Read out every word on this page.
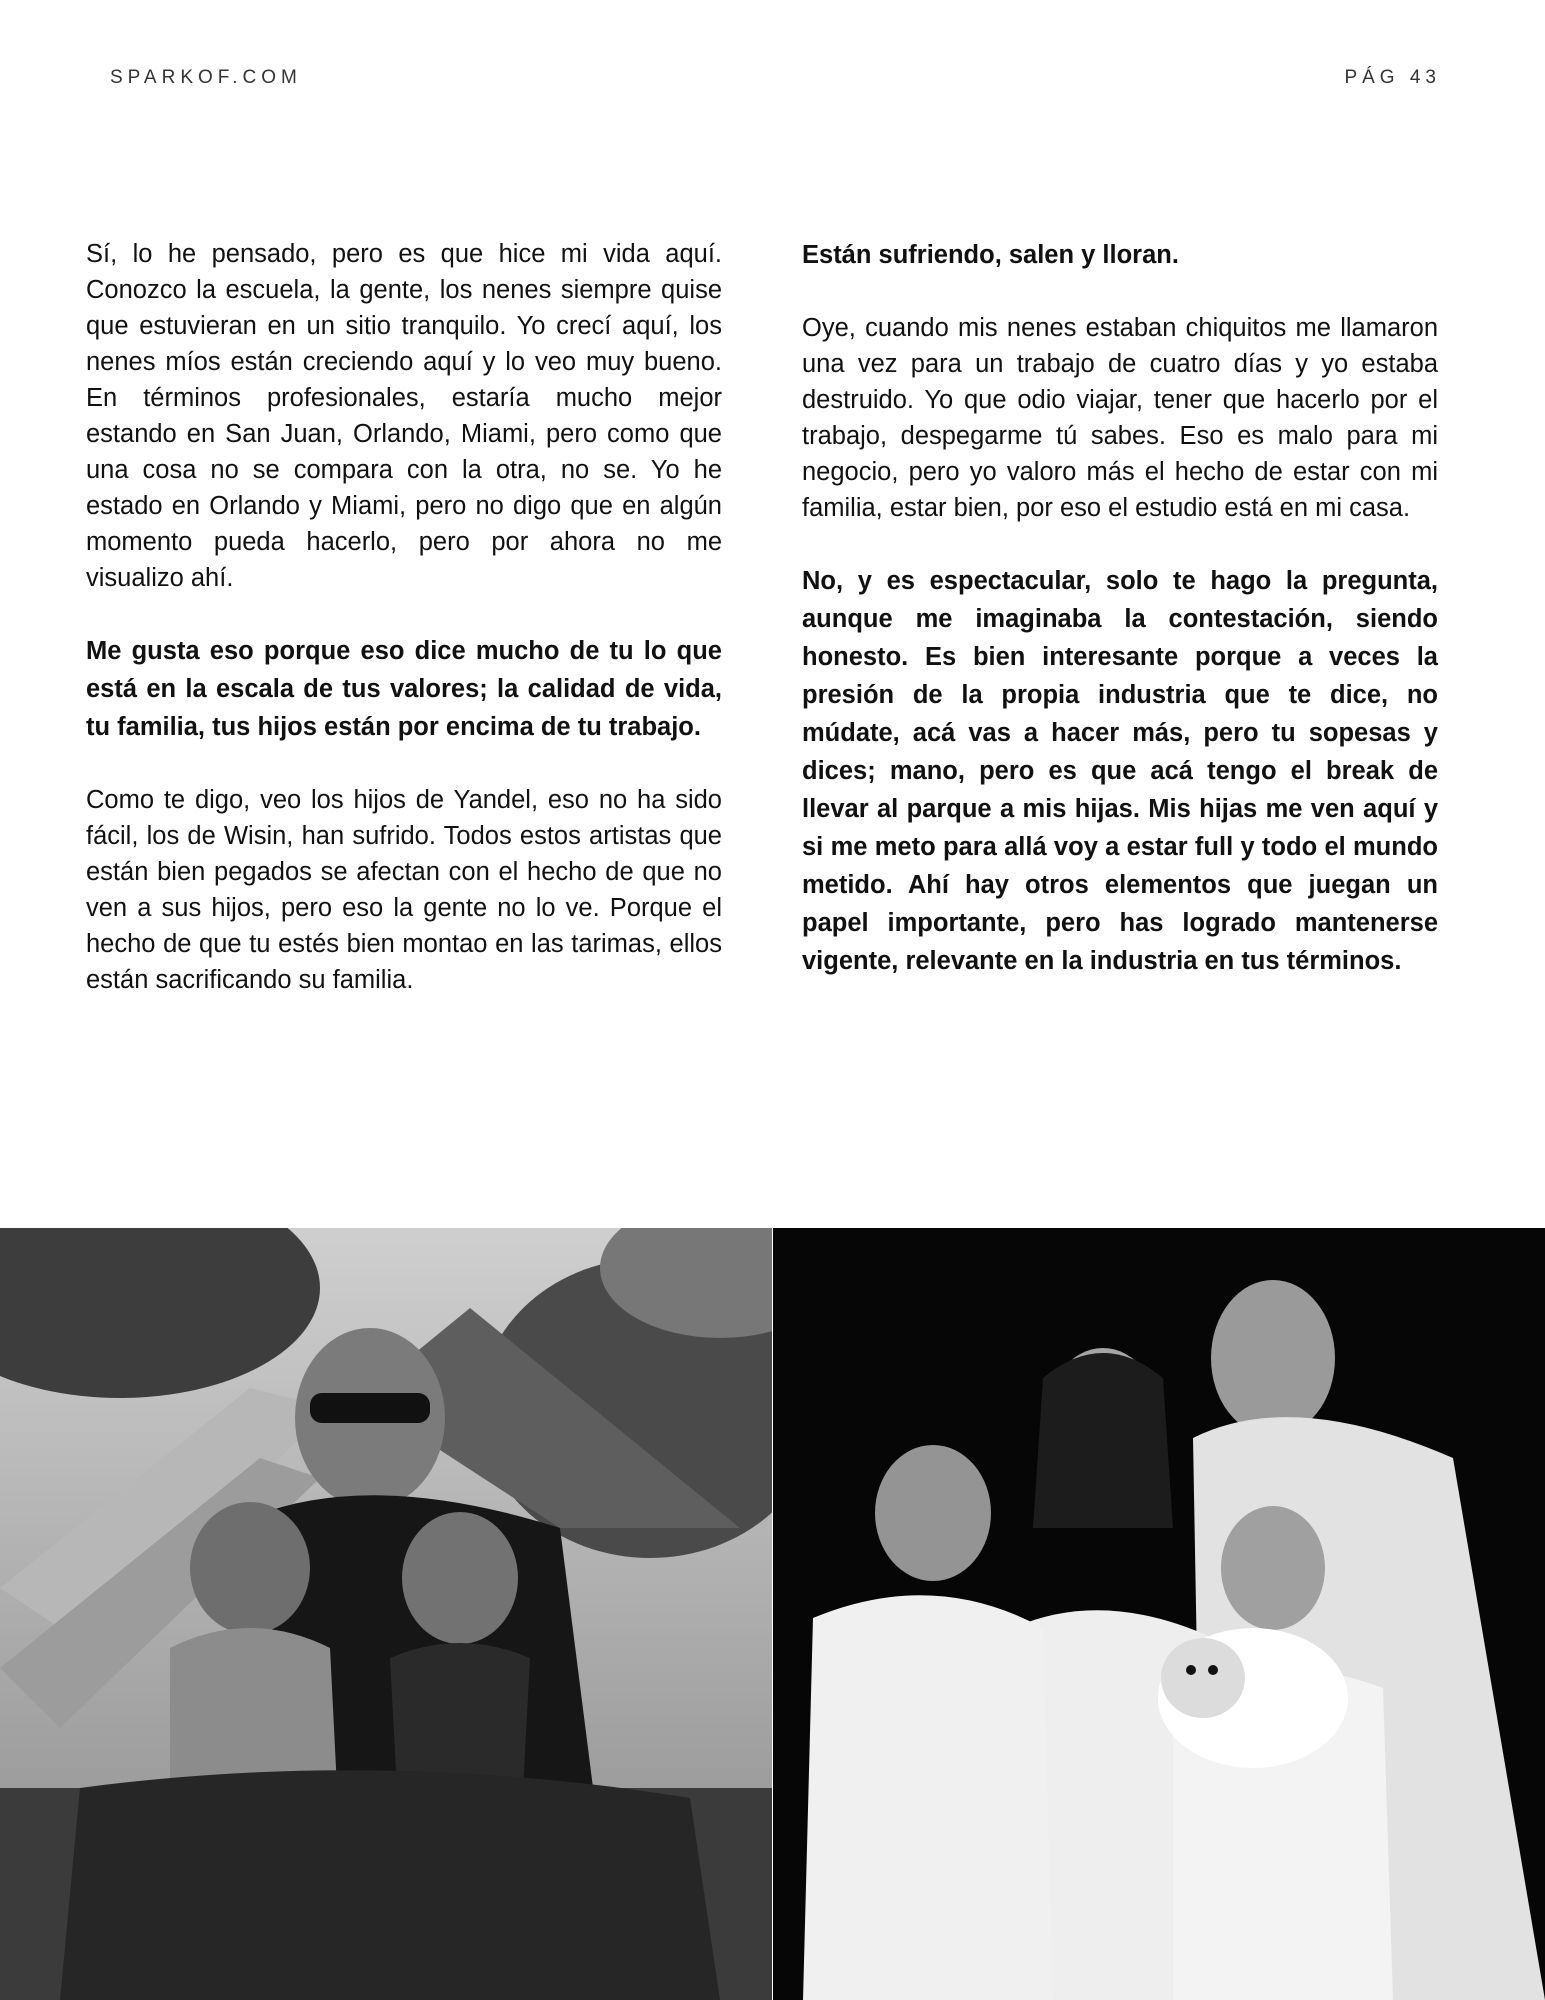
SPARKOF.COM	PÁG 43

Sí, lo he pensado, pero es que hice mi vida aquí. Conozco la escuela, la gente, los nenes siempre quise que estuvieran en un sitio tranquilo. Yo crecí aquí, los nenes míos están creciendo aquí y lo veo muy bueno. En términos profesionales, estaría mucho mejor estando en San Juan, Orlando, Miami, pero como que una cosa no se compara con la otra, no se. Yo he estado en Orlando y Miami, pero no digo que en algún momento pueda hacerlo, pero por ahora no me visualizo ahí.

Me gusta eso porque eso dice mucho de tu lo que está en la escala de tus valores; la calidad de vida, tu familia, tus hijos están por encima de tu trabajo.

Como te digo, veo los hijos de Yandel, eso no ha sido fácil, los de Wisin, han sufrido. Todos estos artistas que están bien pegados se afectan con el hecho de que no ven a sus hijos, pero eso la gente no lo ve. Porque el hecho de que tu estés bien montao en las tarimas, ellos están sacrificando su familia.

Están sufriendo, salen y lloran.

Oye, cuando mis nenes estaban chiquitos me llamaron una vez para un trabajo de cuatro días y yo estaba destruido. Yo que odio viajar, tener que hacerlo por el trabajo, despegarme tú sabes. Eso es malo para mi negocio, pero yo valoro más el hecho de estar con mi familia, estar bien, por eso el estudio está en mi casa.

No, y es espectacular, solo te hago la pregunta, aunque me imaginaba la contestación, siendo honesto. Es bien interesante porque a veces la presión de la propia industria que te dice, no múdate, acá vas a hacer más, pero tu sopesas y dices; mano, pero es que acá tengo el break de llevar al parque a mis hijas. Mis hijas me ven aquí y si me meto para allá voy a estar full y todo el mundo metido. Ahí hay otros elementos que juegan un papel importante, pero has logrado mantenerse vigente, relevante en la industria en tus términos.
